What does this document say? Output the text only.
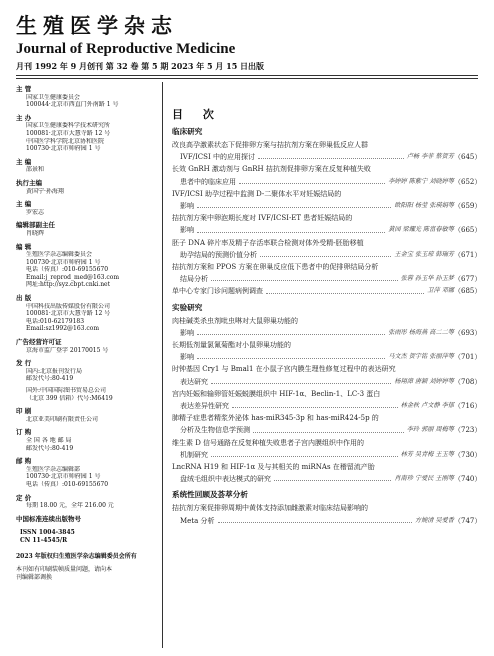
生殖医学杂志
Journal of Reproductive Medicine
月刊 1992 年 9 月创刊 第 32 卷 第 5 期 2023 年 5 月 15 日出版
主 管
国家卫生健康委员会
100044·北京市西直门外南路 1 号
主 办
国家卫生健康委科学技术研究所
100081·北京市大慧寺路 12 号
中国医学科学院北京协和医院
100730·北京市帅府园 1 号
主 编
邵景和
执行主编
黄国宁·孙海翔
主 编
罗宏志
编辑部副主任
肖晓辉
编 辑
生殖医学杂志编辑委员会
100730·北京市帅府园 1 号
电话（传真）:010-69155670
Email:j_reprod_med@163.com
网址:http://syz.cbpt.cnki.net
出 版
中国科技出版传媒股份有限公司
100081·北京市大慧寺路 12 号
电话:010-62179183
Email:sz1992@163.com
广告经营许可证
京海市监广登字 20170015 号
发 行
国内:北京报刊发行局
邮发代号:80-419
国外:中国国际图书贸易总公司
（北京 399 信箱）代号:M6419
印 刷
北京亚美印刷有限责任公司
订 购
全 国 各 地 邮 局
邮发代号:80-419
邮 购
生殖医学杂志编辑部
100730·北京市帅府园 1 号
电话（传真）:010-69155670
定 价
每期 18.00 元，全年 216.00 元
中国标准连续出版物号
ISSN 1004-3845
CN 11-4545/R
2023 年版权归生殖医学杂志编辑委员会所有
本刊如有印刷装帧质量问题，请向本
刊编辑部调换
目 次
临床研究
改良高孕激素状态下促排卵方案与拮抗剂方案在卵巢低反应人群
IVF/ICSI 中的应用探讨	卢畅 李菲 蔡贺芳 （645）
长效 GnRH 激动剂与 GnRH 拮抗剂促排卵方案在反复种植失败
患者中的临床应用	李婷婷 陈紫宁 刘晓婷等 （652）
IVF/ICSI 助孕过程中监测 D-二聚体水平对妊娠结局的
影响	欧阳阳 杨莹 张瑛娟等 （659）
拮抗剂方案中卵泡期长度对 IVF/ICSI-ET 患者妊娠结局的
影响	黄园 梁耀光 陈富春敏等 （665）
胚子 DNA 碎片率及精子存活率联合检测对体外受精-胚胎移植
助孕结局的预测价值分析	王金宝 张玉琼 韩瑞芳 （671）
拮抗剂方案和 PPOS 方案在卵巢反应低下患者中的促排卵结局分析
结局分析	张蓉 孙玉华 孙玉梦 （677）
单中心专家门诊问题病例调查	卫萍 邓娜 （685）
实验研究
肉桂碱类杀虫剂吡虫啉对大鼠卵巢功能的
影响	张雨彤 杨海燕 高二二等 （693）
长期低剂量氯氰菊酯对小鼠卵巢功能的
影响	马文杰 贺宇铭 张丽萍等 （701）
时钟基因 Cry1 与 Bmal1 在小鼠子宫内膜生理性修复过程中的表达研究
表达研究	杨翔漳 唐颖 刘婷婷等 （708）
宫内妊娠和输卵管妊娠蜕膜组织中 HIF-1α、Beclin-1、LC-3 蛋白
表达差异性研究	林金秋 卢文静 李郁 （716）
肺精子症患者精浆外泌体 has-miR345-3p 和 has-miR424-5p 的
分析及生物信息学预测	李玲 郭丽 周梅等 （723）
维生素 D 信号通路在反复种植失败患者子宫内膜组织中作用的
机制研究	林芳 吴青梅 王玉等 （730）
LncRNA H19 和 HIF-1α 及与其相关的 miRNAs 在稽留流产胎
盘绒毛组织中表达模式的研究	肖南珍 宁爱民 王刚等 （740）
系统性回顾及荟萃分析
拮抗剂方案促排卵周期中黄体支持添加雌激素对临床结局影响的
Meta 分析	方婉清 吴爱香 （747）
